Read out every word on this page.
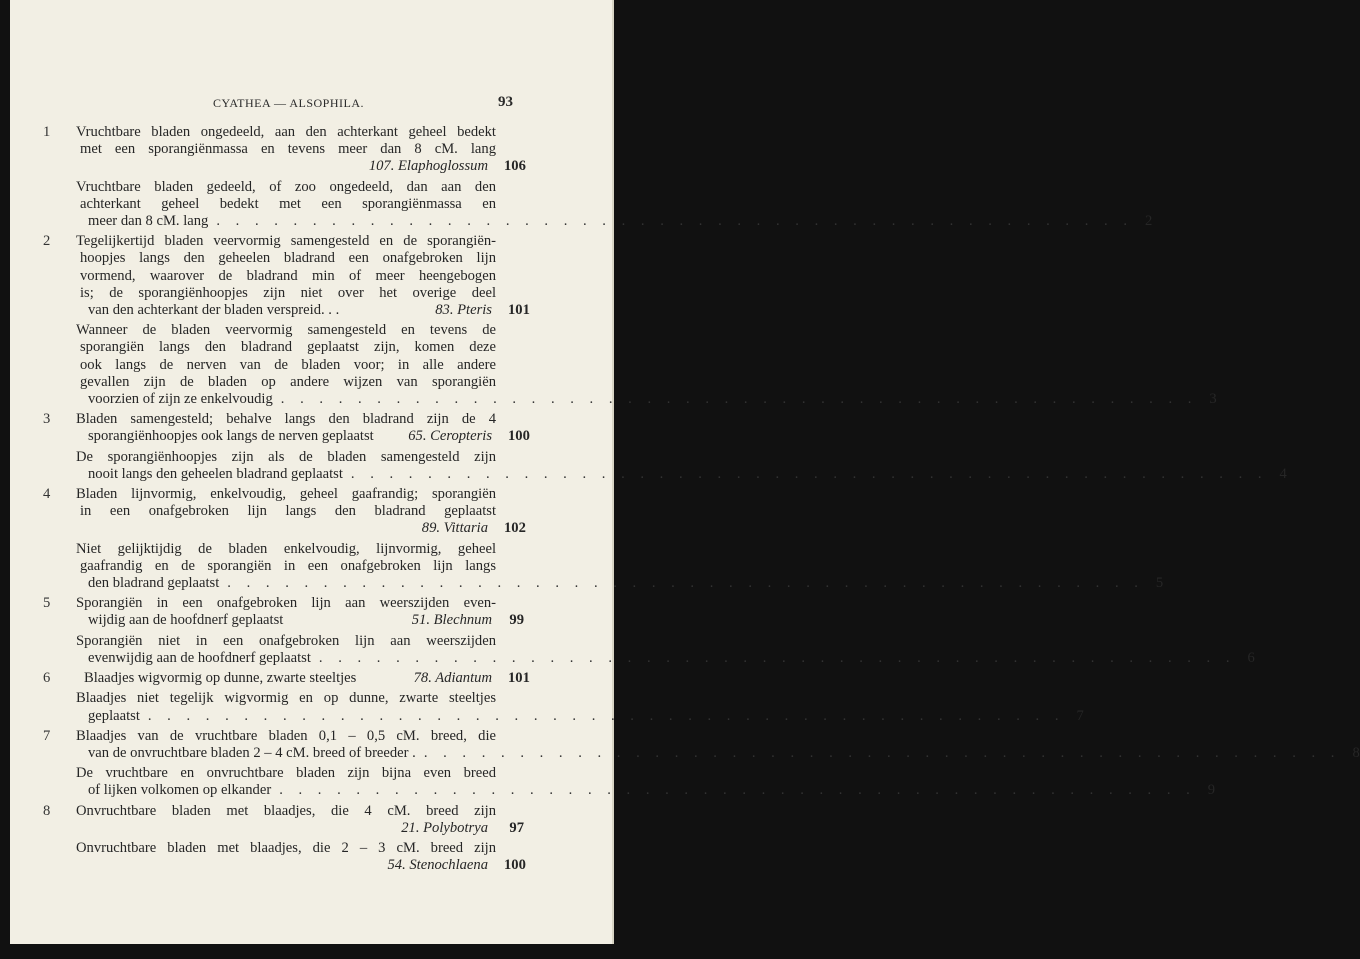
CYATHEA — ALSOPHILA.	93
1	Vruchtbare bladen ongedeeld, aan den achterkant geheel bedekt
met een sporangiënmassa en tevens meer dan 8 cM. lang
107. Elaphoglossum	106
Vruchtbare bladen gedeeld, of zoo ongedeeld, dan aan den
achterkant geheel bedekt met een sporangiënmassa en
meer dan 8 cM. lang . . . . . . . . . . . . . . . . . . . . . . . . . . . . . . . . . . . . . . . . . . . . . . . . 2
2	Tegelijkertijd bladen veervormig samengesteld en de sporangiën-
hoopjes langs den geheelen bladrand een onafgebroken lijn
vormend, waarover de bladrand min of meer heengebogen
is; de sporangiënhoopjes zijn niet over het overige deel
van den achterkant der bladen verspreid. . .	83. Pteris	101
Wanneer de bladen veervormig samengesteld en tevens de
sporangiën langs den bladrand geplaatst zijn, komen deze
ook langs de nerven van de bladen voor; in alle andere
gevallen zijn de bladen op andere wijzen van sporangiën
voorzien of zijn ze enkelvoudig . . . . . . . . . . . . . . . . . . . . . . . . . . . . . . . . . . . . . . . . . . . . . . . . 3
3	Bladen samengesteld; behalve langs den bladrand zijn de 4
sporangiënhoopjes ook langs de nerven geplaatst	65. Ceropteris	100
De sporangiënhoopjes zijn als de bladen samengesteld zijn
nooit langs den geheelen bladrand geplaatst . . . . . . . . . . . . . . . . . . . . . . . . . . . . . . . . . . . . . . . . . . . . . . . . 4
4	Bladen lijnvormig, enkelvoudig, geheel gaafrandig; sporangiën
in een onafgebroken lijn langs den bladrand geplaatst
89. Vittaria	102
Niet gelijktijdig de bladen enkelvoudig, lijnvormig, geheel
gaafrandig en de sporangiën in een onafgebroken lijn langs
den bladrand geplaatst . . . . . . . . . . . . . . . . . . . . . . . . . . . . . . . . . . . . . . . . . . . . . . . . 5
5	Sporangiën in een onafgebroken lijn aan weerszijden even-
wijdig aan de hoofdnerf geplaatst	51. Blechnum	99
Sporangiën niet in een onafgebroken lijn aan weerszijden
evenwijdig aan de hoofdnerf geplaatst . . . . . . . . . . . . . . . . . . . . . . . . . . . . . . . . . . . . . . . . . . . . . . . . 6
6	Blaadjes wigvormig op dunne, zwarte steeltjes	78. Adiantum	101
Blaadjes niet tegelijk wigvormig en op dunne, zwarte steeltjes
geplaatst . . . . . . . . . . . . . . . . . . . . . . . . . . . . . . . . . . . . . . . . . . . . . . . . 7
7	Blaadjes van de vruchtbare bladen 0,1 – 0,5 cM. breed, die
van de onvruchtbare bladen 2 – 4 cM. breed of breeder . . . . . . . . . . . . . . . . . . . . . . . . . . . . . . . . . . . . . . . . . . . . . . . . . 8
De vruchtbare en onvruchtbare bladen zijn bijna even breed
of lijken volkomen op elkander . . . . . . . . . . . . . . . . . . . . . . . . . . . . . . . . . . . . . . . . . . . . . . . . 9
8	Onvruchtbare bladen met blaadjes, die 4 cM. breed zijn
21. Polybotrya	97
Onvruchtbare bladen met blaadjes, die 2 – 3 cM. breed zijn
54. Stenochlaena	100
